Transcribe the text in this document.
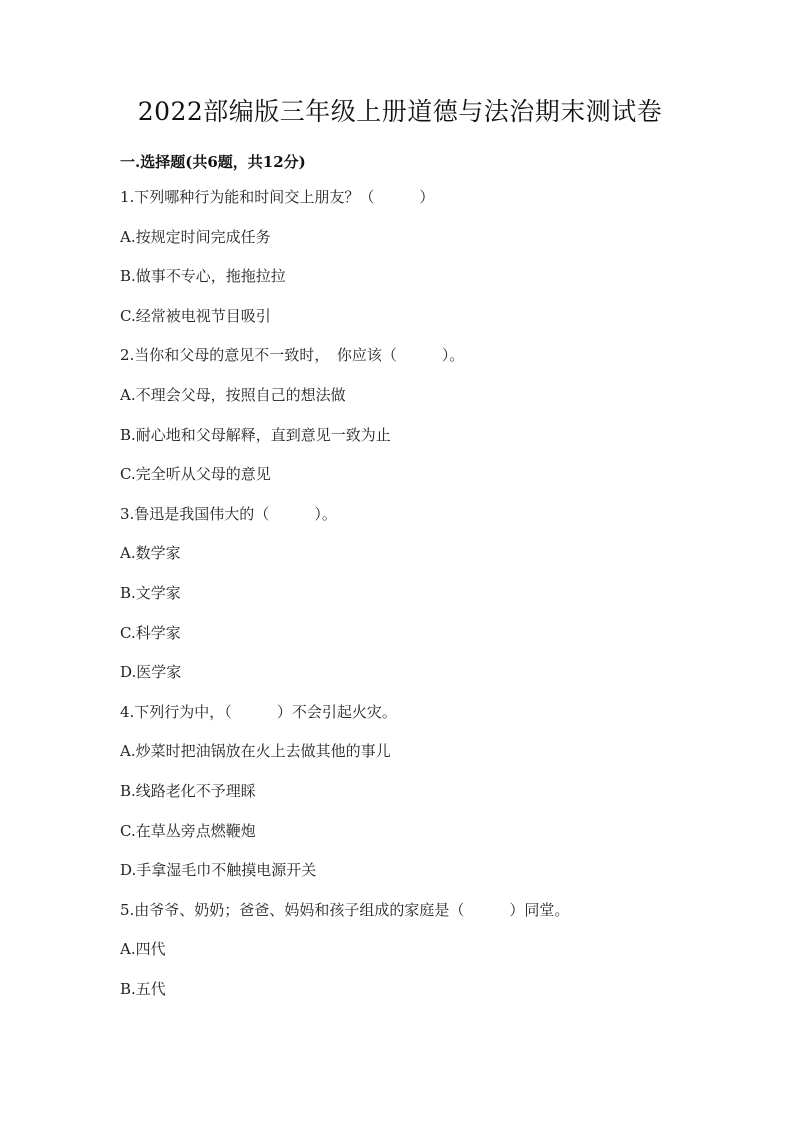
2022部编版三年级上册道德与法治期末测试卷
一.选择题(共6题，共12分)
1.下列哪种行为能和时间交上朋友？（　　　）
A.按规定时间完成任务
B.做事不专心，拖拖拉拉
C.经常被电视节目吸引
2.当你和父母的意见不一致时，　你应该（　　　）。
A.不理会父母，按照自己的想法做
B.耐心地和父母解释，直到意见一致为止
C.完全听从父母的意见
3.鲁迅是我国伟大的（　　　）。
A.数学家
B.文学家
C.科学家
D.医学家
4.下列行为中，（　　　）不会引起火灾。
A.炒菜时把油锅放在火上去做其他的事儿
B.线路老化不予理睬
C.在草丛旁点燃鞭炮
D.手拿湿毛巾不触摸电源开关
5.由爷爷、奶奶；爸爸、妈妈和孩子组成的家庭是（　　　）同堂。
A.四代
B.五代
